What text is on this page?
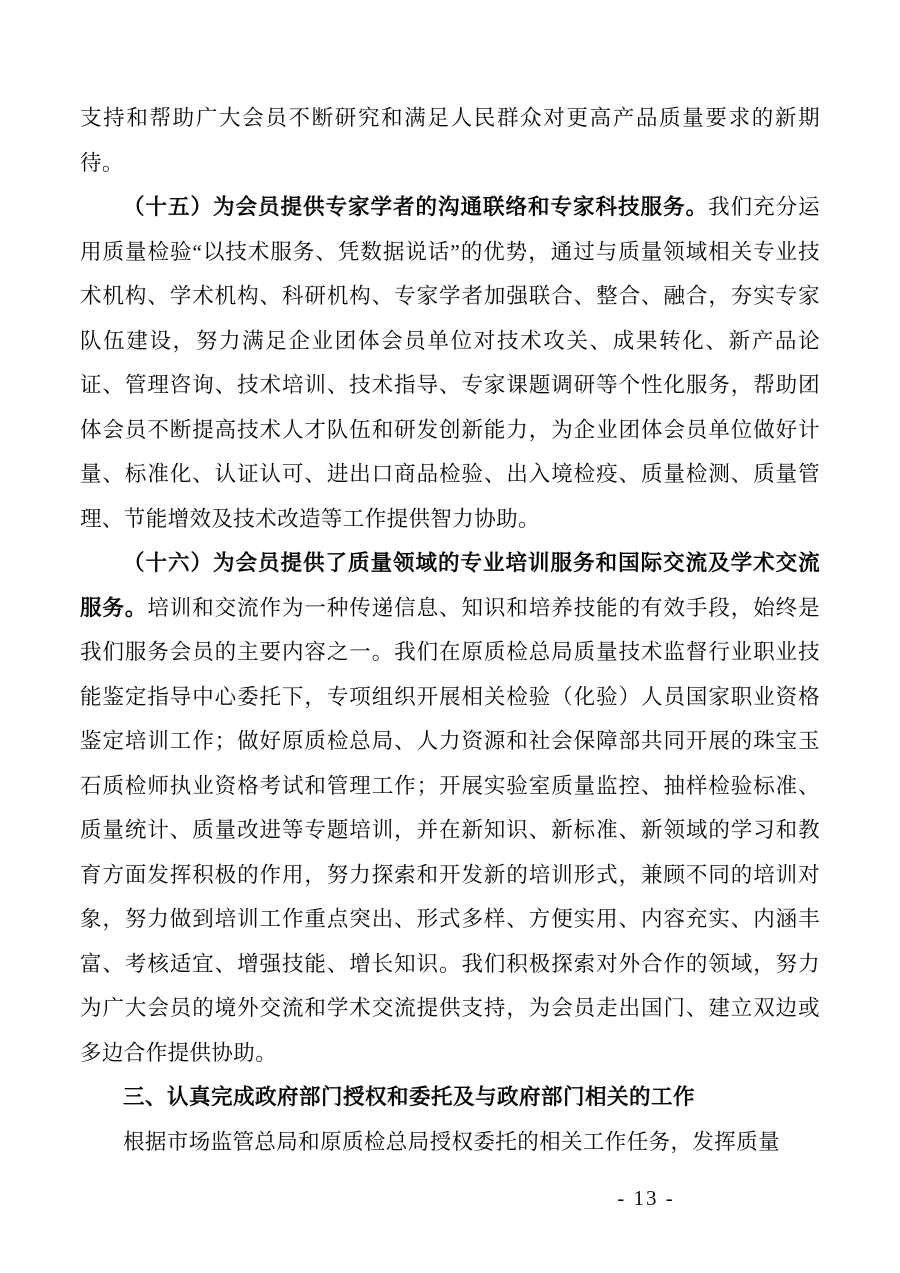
支持和帮助广大会员不断研究和满足人民群众对更高产品质量要求的新期待。

（十五）为会员提供专家学者的沟通联络和专家科技服务。我们充分运用质量检验“以技术服务、凭数据说话”的优势，通过与质量领域相关专业技术机构、学术机构、科研机构、专家学者加强联合、整合、融合，夯实专家队伍建设，努力满足企业团体会员单位对技术攻关、成果转化、新产品论证、管理咨询、技术培训、技术指导、专家课题调研等个性化服务，帮助团体会员不断提高技术人才队伍和研发创新能力，为企业团体会员单位做好计量、标准化、认证认可、进出口商品检验、出入境检疫、质量检测、质量管理、节能增效及技术改造等工作提供智力协助。

（十六）为会员提供了质量领域的专业培训服务和国际交流及学术交流服务。培训和交流作为一种传递信息、知识和培养技能的有效手段，始终是我们服务会员的主要内容之一。我们在原质检总局质量技术监督行业职业技能鉴定指导中心委托下，专项组织开展相关检验（化验）人员国家职业资格鉴定培训工作；做好原质检总局、人力资源和社会保障部共同开展的珠宝玉石质检师执业资格考试和管理工作；开展实验室质量监控、抽样检验标准、质量统计、质量改进等专题培训，并在新知识、新标准、新领域的学习和教育方面发挥积极的作用，努力探索和开发新的培训形式，兼顾不同的培训对象，努力做到培训工作重点突出、形式多样、方便实用、内容充实、内涵丰富、考核适宜、增强技能、增长知识。我们积极探索对外合作的领域，努力为广大会员的境外交流和学术交流提供支持，为会员走出国门、建立双边或多边合作提供协助。

三、认真完成政府部门授权和委托及与政府部门相关的工作

根据市场监管总局和原质检总局授权委托的相关工作任务，发挥质量

- 13 -
